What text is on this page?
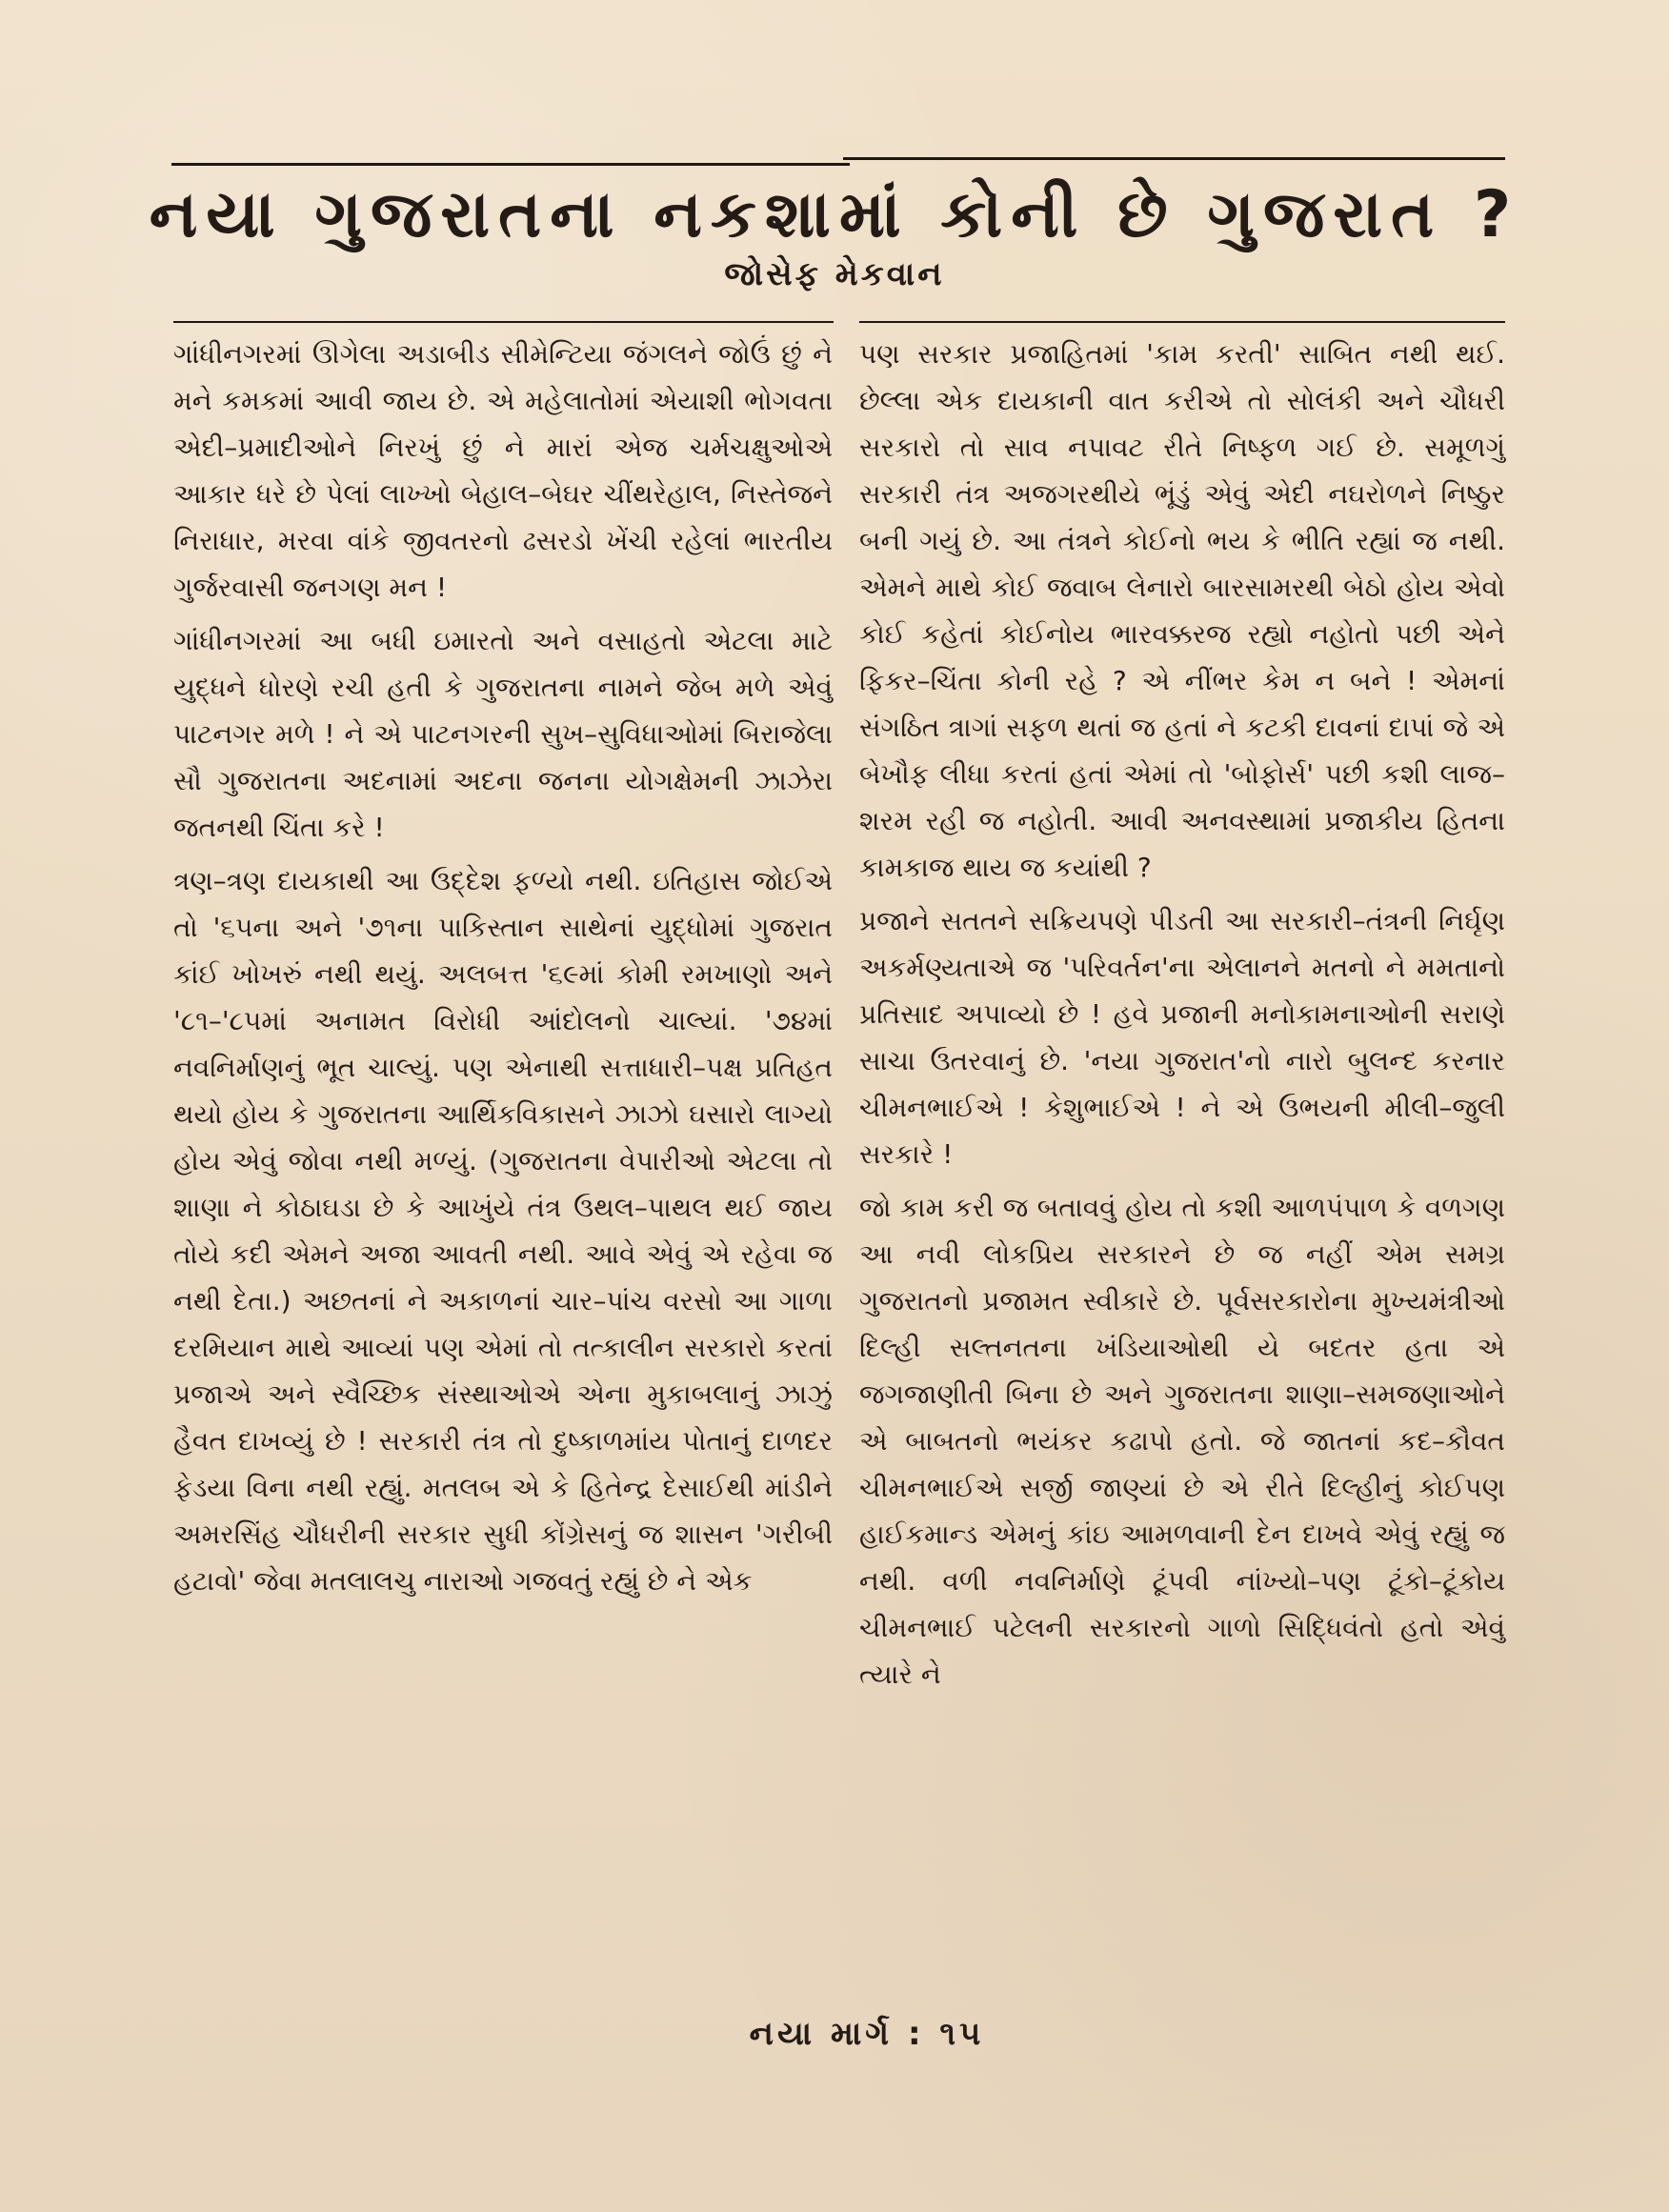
નયા ગુજરાતના નકશામાં કોની છે ગુજરાત ?
જોસેફ મેકવાન

ગાંધીનગરમાં ઊગેલા અડાબીડ સીમેન્ટિયા જંગલને જોઉં છું ને મને કમકમાં આવી જાય છે. એ મહેલાતોમાં એયાશી ભોગવતા એદી–પ્રમાદીઓને નિરખું છું ને મારાં એજ ચર્મચક્ષુઓએ આકાર ધરે છે પેલાં લાખ્ખો બેહાલ–બેઘર ચીંથરેહાલ, નિસ્તેજને નિરાધાર, મરવા વાંકે જીવતરનો ઢસરડો ખેંચી રહેલાં ભારતીય ગુર્જરવાસી જનગણ મન !

ગાંધીનગરમાં આ બધી ઇમારતો અને વસાહતો એટલા માટે યુદ્ધને ધોરણે રચી હતી કે ગુજરાતના નામને જેબ મળે એવું પાટનગર મળે ! ને એ પાટનગરની સુખ–સુવિધાઓમાં બિરાજેલા સૌ ગુજરાતના અદનામાં અદના જનના યોગક્ષેમની ઝાઝેરા જતનથી ચિંતા કરે !

ત્રણ–ત્રણ દાયકાથી આ ઉદ્દેશ ફળ્યો નથી. ઇતિહાસ જોઈએ તો '૬૫ના અને '૭૧ના પાકિસ્તાન સાથેનાં યુદ્ધોમાં ગુજરાત કાંઈ ખોખરું નથી થયું. અલબત્ત '૬૯માં કોમી રમખાણો અને '૮૧–'૮૫માં અનામત વિરોધી આંદોલનો ચાલ્યાં. '૭૪માં નવનિર્માણનું ભૂત ચાલ્યું. પણ એનાથી સત્તાધારી–પક્ષ પ્રતિહત થયો હોય કે ગુજરાતના આર્થિકવિકાસને ઝાઝો ઘસારો લાગ્યો હોય એવું જોવા નથી મળ્યું. (ગુજરાતના વેપારીઓ એટલા તો શાણા ને કોઠાઘડા છે કે આખુંયે તંત્ર ઉથલ–પાથલ થઈ જાય તોયે કદી એમને અજા આવતી નથી. આવે એવું એ રહેવા જ નથી દેતા.) અછતનાં ને અકાળનાં ચાર–પાંચ વરસો આ ગાળા દરમિયાન માથે આવ્યાં પણ એમાં તો તત્કાલીન સરકારો કરતાં પ્રજાએ અને સ્વૈચ્છિક સંસ્થાઓએ એના મુકાબલાનું ઝાઝું હૈવત દાખવ્યું છે ! સરકારી તંત્ર તો દુષ્કાળમાંય પોતાનું દાળદર ફેડયા વિના નથી રહ્યું. મતલબ એ કે હિતેન્દ્ર દેસાઈથી માંડીને અમરસિંહ ચૌધરીની સરકાર સુધી કોંગ્રેસનું જ શાસન 'ગરીબી હટાવો' જેવા મતલાલચુ નારાઓ ગજવતું રહ્યું છે ને એક

પણ સરકાર પ્રજાહિતમાં 'કામ કરતી' સાબિત નથી થઈ. છેલ્લા એક દાયકાની વાત કરીએ તો સોલંકી અને ચૌધરી સરકારો તો સાવ નપાવટ રીતે નિષ્ફળ ગઈ છે. સમૂળગું સરકારી તંત્ર અજગરથીયે ભૂંડું એવું એદી નઘરોળને નિષ્ઠુર બની ગયું છે. આ તંત્રને કોઈનો ભય કે ભીતિ રહ્યાં જ નથી. એમને માથે કોઈ જવાબ લેનારો બારસામરથી બેઠો હોય એવો કોઈ કહેતાં કોઈનોય ભારવક્કરજ રહ્યો નહોતો પછી એને ફિકર–ચિંતા કોની રહે ? એ નીંભર કેમ ન બને ! એમનાં સંગઠિત ત્રાગાં સફળ થતાં જ હતાં ને કટકી દાવનાં દાપાં જે એ બેખૌફ લીધા કરતાં હતાં એમાં તો 'બોફોર્સ' પછી કશી લાજ–શરમ રહી જ નહોતી. આવી અનવસ્થામાં પ્રજાકીય હિતના કામકાજ થાય જ કયાંથી ?

પ્રજાને સતતને સક્રિયપણે પીડતી આ સરકારી–તંત્રની નિર્ઘૃણ અકર્મણ્યતાએ જ 'પરિવર્તન'ના એલાનને મતનો ને મમતાનો પ્રતિસાદ અપાવ્યો છે ! હવે પ્રજાની મનોકામનાઓની સરાણે સાચા ઉતરવાનું છે. 'નયા ગુજરાત'નો નારો બુલન્દ કરનાર ચીમનભાઈએ ! કેશુભાઈએ ! ને એ ઉભયની મીલી–જુલી સરકારે !

જો કામ કરી જ બતાવવું હોય તો કશી આળપંપાળ કે વળગણ આ નવી લોકપ્રિય સરકારને છે જ નહીં એમ સમગ્ર ગુજરાતનો પ્રજામત સ્વીકારે છે. પૂર્વસરકારોના મુખ્યમંત્રીઓ દિલ્હી સલ્તનતના ખંડિયાઓથી યે બદતર હતા એ જગજાણીતી બિના છે અને ગુજરાતના શાણા–સમજણાઓને એ બાબતનો ભયંકર કઢાપો હતો. જે જાતનાં કદ–કૌવત ચીમનભાઈએ સર્જી જાણ્યાં છે એ રીતે દિલ્હીનું કોઈપણ હાઈકમાન્ડ એમનું કાંઇ આમળવાની દેન દાખવે એવું રહ્યું જ નથી. વળી નવનિર્માણે ટૂંપવી નાંખ્યો–પણ ટૂંકો–ટૂંકોય ચીમનભાઈ પટેલની સરકારનો ગાળો સિદ્ધિવંતો હતો એવું ત્યારે ને

નયા માર્ગ : ૧૫
